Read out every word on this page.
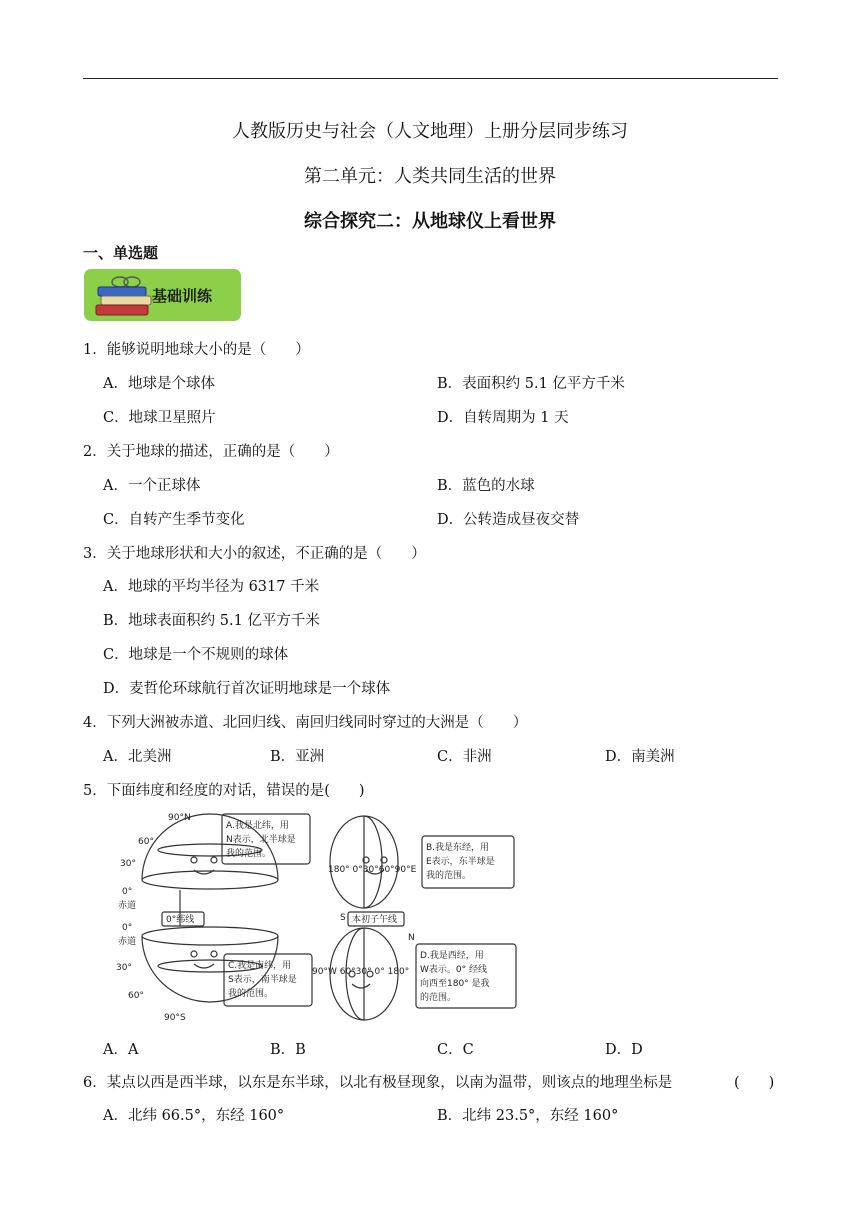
人教版历史与社会（人文地理）上册分层同步练习
第二单元：人类共同生活的世界
综合探究二：从地球仪上看世界
一、单选题
基础训练
1．能够说明地球大小的是（　　）
A．地球是个球体	B．表面积约 5.1 亿平方千米
C．地球卫星照片	D．自转周期为 1 天
2．关于地球的描述，正确的是（　　）
A．一个正球体	B．蓝色的水球
C．自转产生季节变化	D．公转造成昼夜交替
3．关于地球形状和大小的叙述，不正确的是（　　）
A．地球的平均半径为 6317 千米
B．地球表面积约 5.1 亿平方千米
C．地球是一个不规则的球体
D．麦哲伦环球航行首次证明地球是一个球体
4．下列大洲被赤道、北回归线、南回归线同时穿过的大洲是（　　）
A．北美洲	B．亚洲	C．非洲	D．南美洲
5．下面纬度和经度的对话，错误的是(　　)
90°N
60°
30°
0°
赤道
0°
赤道
30°
60°
90°S
0°纬线	本初子午线
180° 0°30°60°90°E
90°W 60°30° 0° 180°
S
N
A.我是北纬，用
N表示，北半球是
我的范围。
B.我是东经，用
E表示，东半球是
我的范围。
C.我是南纬，用
S表示，南半球是
我的范围。
D.我是西经，用
W表示。0° 经线
向西至180° 是我
的范围。
A．A	B．B	C．C	D．D
6．某点以西是西半球，以东是东半球，以北有极昼现象，以南为温带，则该点的地理坐标是	(　　)
A．北纬 66.5°，东经 160°	B．北纬 23.5°，东经 160°
